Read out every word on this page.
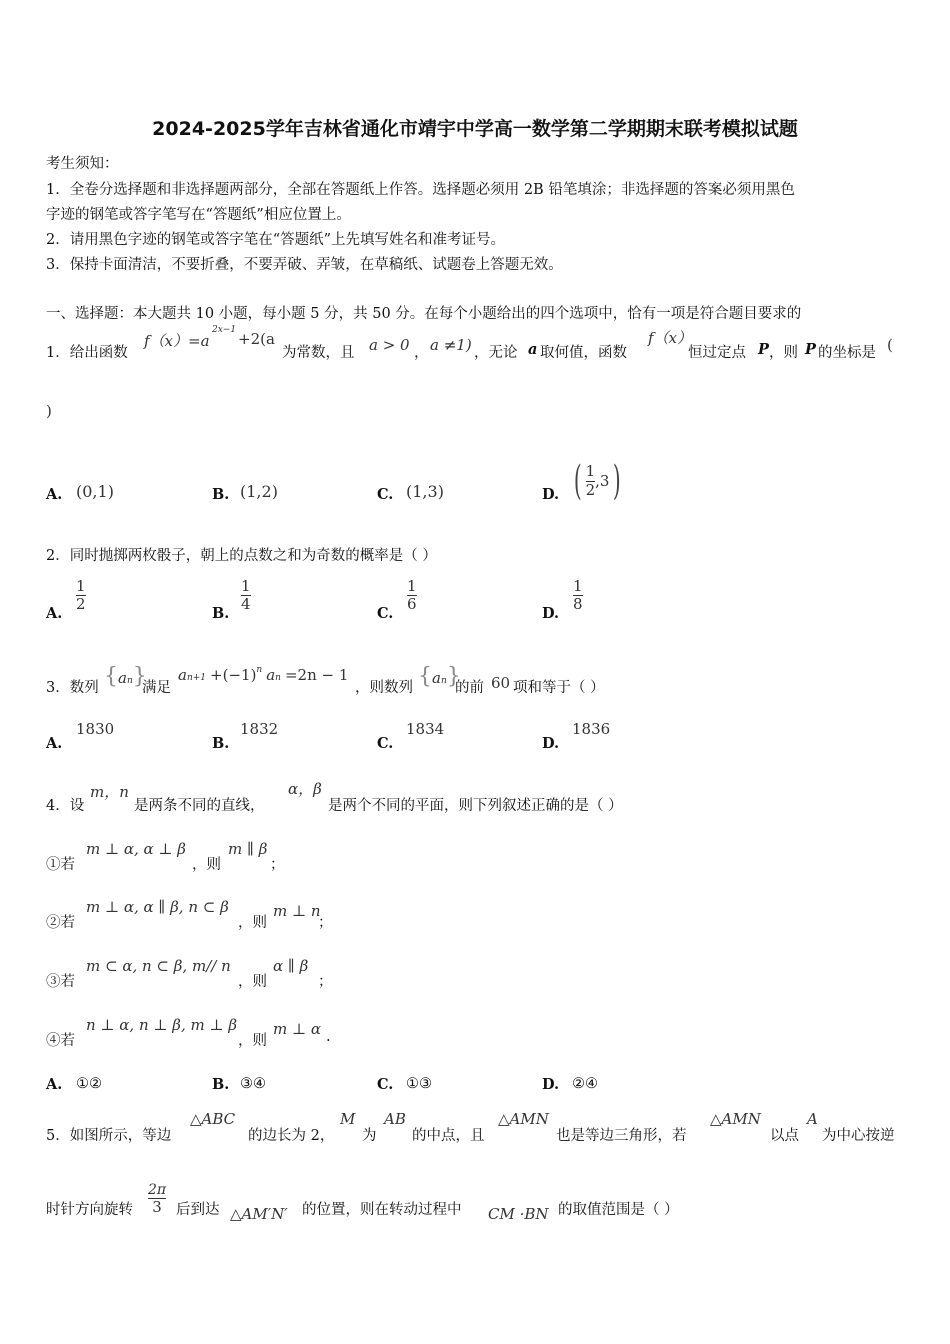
2024-2025学年吉林省通化市靖宇中学高一数学第二学期期末联考模拟试题
考生须知：
1．全卷分选择题和非选择题两部分，全部在答题纸上作答。选择题必须用 2B 铅笔填涂；非选择题的答案必须用黑色
字迹的钢笔或答字笔写在“答题纸”相应位置上。
2．请用黑色字迹的钢笔或答字笔在“答题纸”上先填写姓名和准考证号。
3．保持卡面清洁，不要折叠，不要弄破、弄皱，在草稿纸、试题卷上答题无效。
一、选择题：本大题共 10 小题，每小题 5 分，共 50 分。在每个小题给出的四个选项中，恰有一项是符合题目要求的
1．给出函数
f（x）=a
2x−1 +2(a
为常数，且 a > 0 ， a ≠1) ，无论 a 取何值，函数
f（x）
恒过定点 P ，则 P 的坐标是 (
)
A. (0,1)	B. (1,2)	C. (1,3)	D. ( $\frac{1}{2} ,3$ )
2．同时抛掷两枚骰子，朝上的点数之和为奇数的概率是（ ）
A.
1
2
B.
1
4
C.
1
6
D.
1
8
3．数列 { a n }
满足
a n+1 +(−1) n a n =2n − 1
，则数列 { a n }
的前 60 项和等于（ ）
A.
1830
B.
1832
C.
1834
D.
1836
4．设
m，n
是两条不同的直线，
α，β
是两个不同的平面，则下列叙述正确的是（ ）
①若
m ⊥ α, α ⊥ β
，则
m ∥ β
；
②若
m ⊥ α, α ∥ β, n ⊂ β
，则
m ⊥ n
；
③若
m ⊂ α, n ⊂ β, m// n
，则
α ∥ β
；
④若
n ⊥ α, n ⊥ β, m ⊥ β
，则
m ⊥ α .
A. ①②	B. ③④	C. ①③	D. ②④
5．如图所示，等边
△ABC
的边长为 2，
M
为
AB
的中点，且
△AMN
也是等边三角形，若
△AMN
以点
A
为中心按逆
时针方向旋转
2π
3 后到达 △AM′N′ 的位置，则在转动过程中 CM ·BN 的取值范围是（ ）
